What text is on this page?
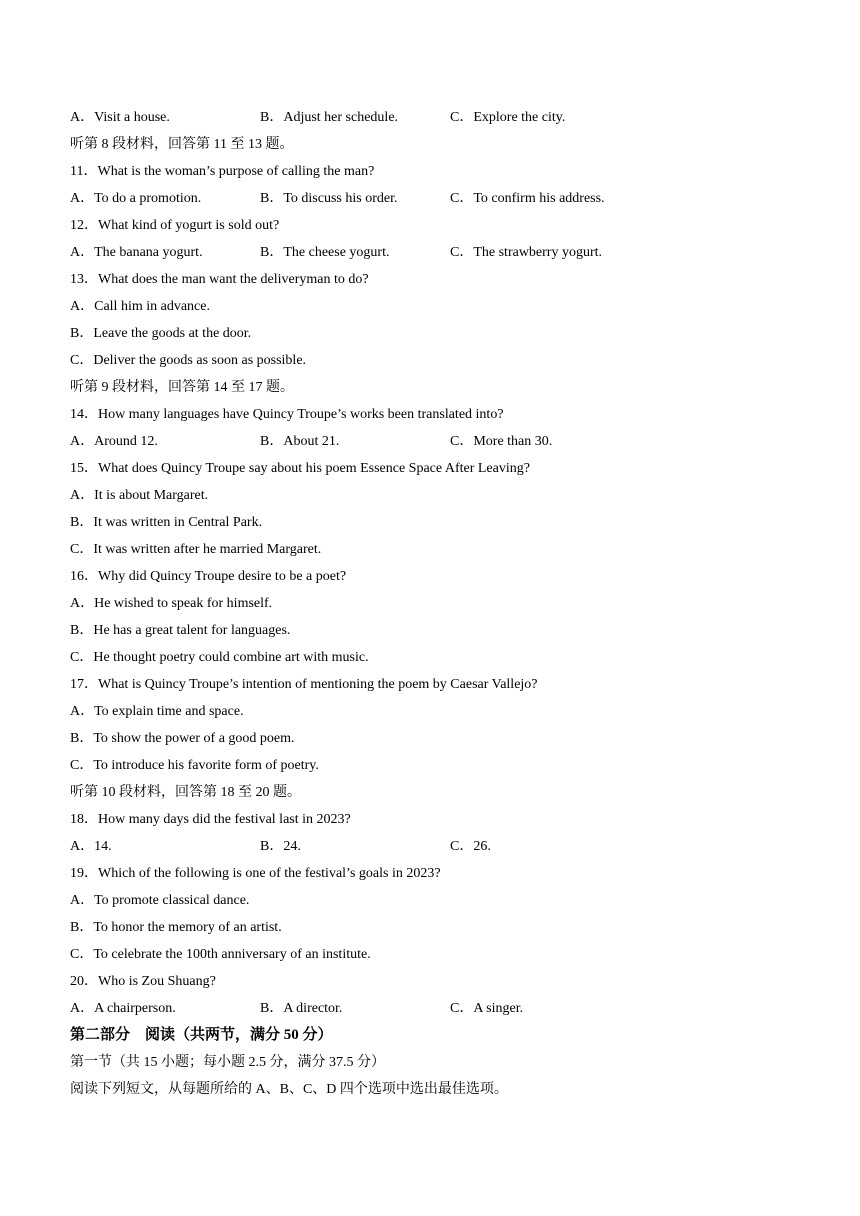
A．Visit a house.	B．Adjust her schedule.	C．Explore the city.
听第 8 段材料，回答第 11 至 13 题。
11．What is the woman’s purpose of calling the man?
A．To do a promotion.	B．To discuss his order.	C．To confirm his address.
12．What kind of yogurt is sold out?
A．The banana yogurt.	B．The cheese yogurt.	C．The strawberry yogurt.
13．What does the man want the deliveryman to do?
A．Call him in advance.
B．Leave the goods at the door.
C．Deliver the goods as soon as possible.
听第 9 段材料，回答第 14 至 17 题。
14．How many languages have Quincy Troupe’s works been translated into?
A．Around 12.	B．About 21.	C．More than 30.
15．What does Quincy Troupe say about his poem Essence Space After Leaving?
A．It is about Margaret.
B．It was written in Central Park.
C．It was written after he married Margaret.
16．Why did Quincy Troupe desire to be a poet?
A．He wished to speak for himself.
B．He has a great talent for languages.
C．He thought poetry could combine art with music.
17．What is Quincy Troupe’s intention of mentioning the poem by Caesar Vallejo?
A．To explain time and space.
B．To show the power of a good poem.
C．To introduce his favorite form of poetry.
听第 10 段材料，回答第 18 至 20 题。
18．How many days did the festival last in 2023?
A．14.	B．24.	C．26.
19．Which of the following is one of the festival’s goals in 2023?
A．To promote classical dance.
B．To honor the memory of an artist.
C．To celebrate the 100th anniversary of an institute.
20．Who is Zou Shuang?
A．A chairperson.	B．A director.	C．A singer.
第二部分　阅读（共两节，满分 50 分）
第一节（共 15 小题；每小题 2.5 分，满分 37.5 分）
阅读下列短文，从每题所给的 A、B、C、D 四个选项中选出最佳选项。
